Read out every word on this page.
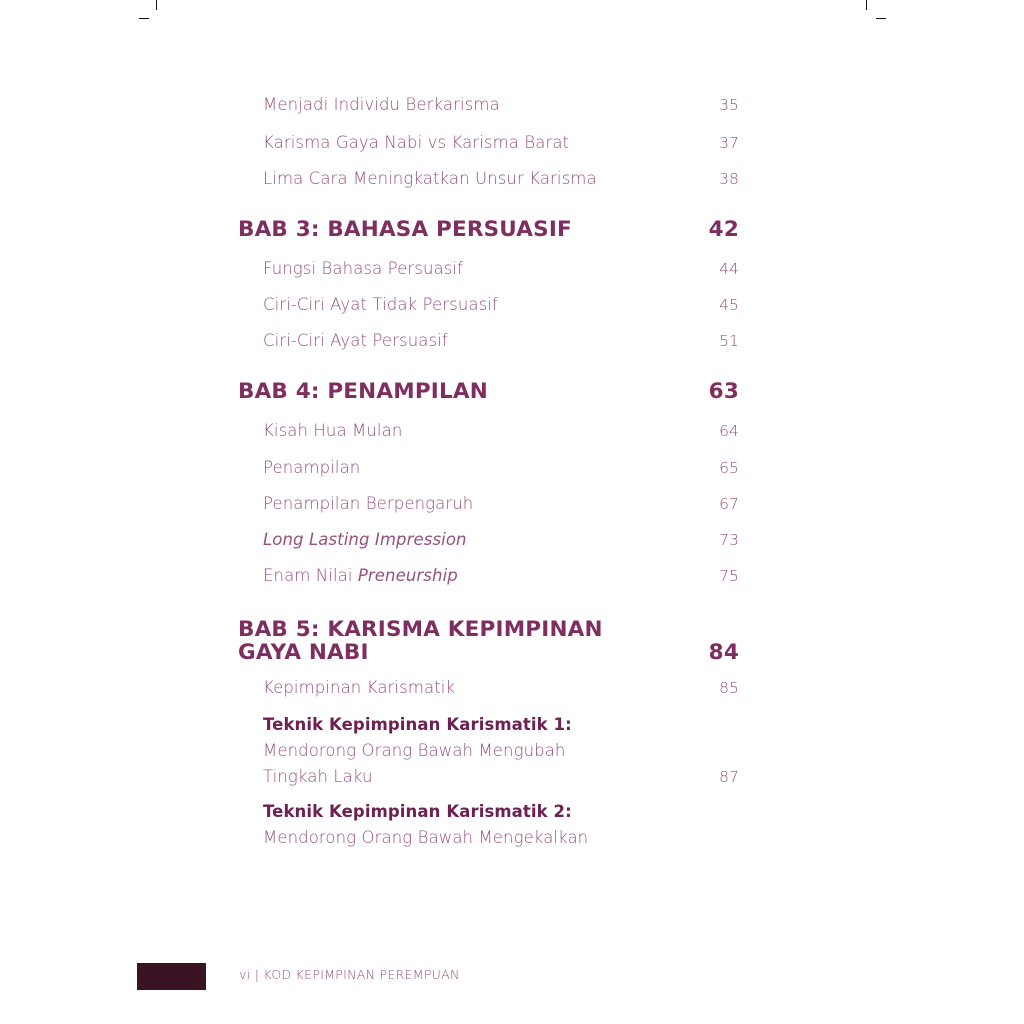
Menjadi Individu Berkarisma	35
Karisma Gaya Nabi vs Karisma Barat	37
Lima Cara Meningkatkan Unsur Karisma	38
BAB 3: BAHASA PERSUASIF	42
Fungsi Bahasa Persuasif	44
Ciri-Ciri Ayat Tidak Persuasif	45
Ciri-Ciri Ayat Persuasif	51
BAB 4: PENAMPILAN	63
Kisah Hua Mulan	64
Penampilan	65
Penampilan Berpengaruh	67
Long Lasting Impression	73
Enam Nilai Preneurship	75
BAB 5: KARISMA KEPIMPINAN
GAYA NABI	84
Kepimpinan Karismatik	85
Teknik Kepimpinan Karismatik 1:
Mendorong Orang Bawah Mengubah
Tingkah Laku	87
Teknik Kepimpinan Karismatik 2:
Mendorong Orang Bawah Mengekalkan
vi | KOD KEPIMPINAN PEREMPUAN
